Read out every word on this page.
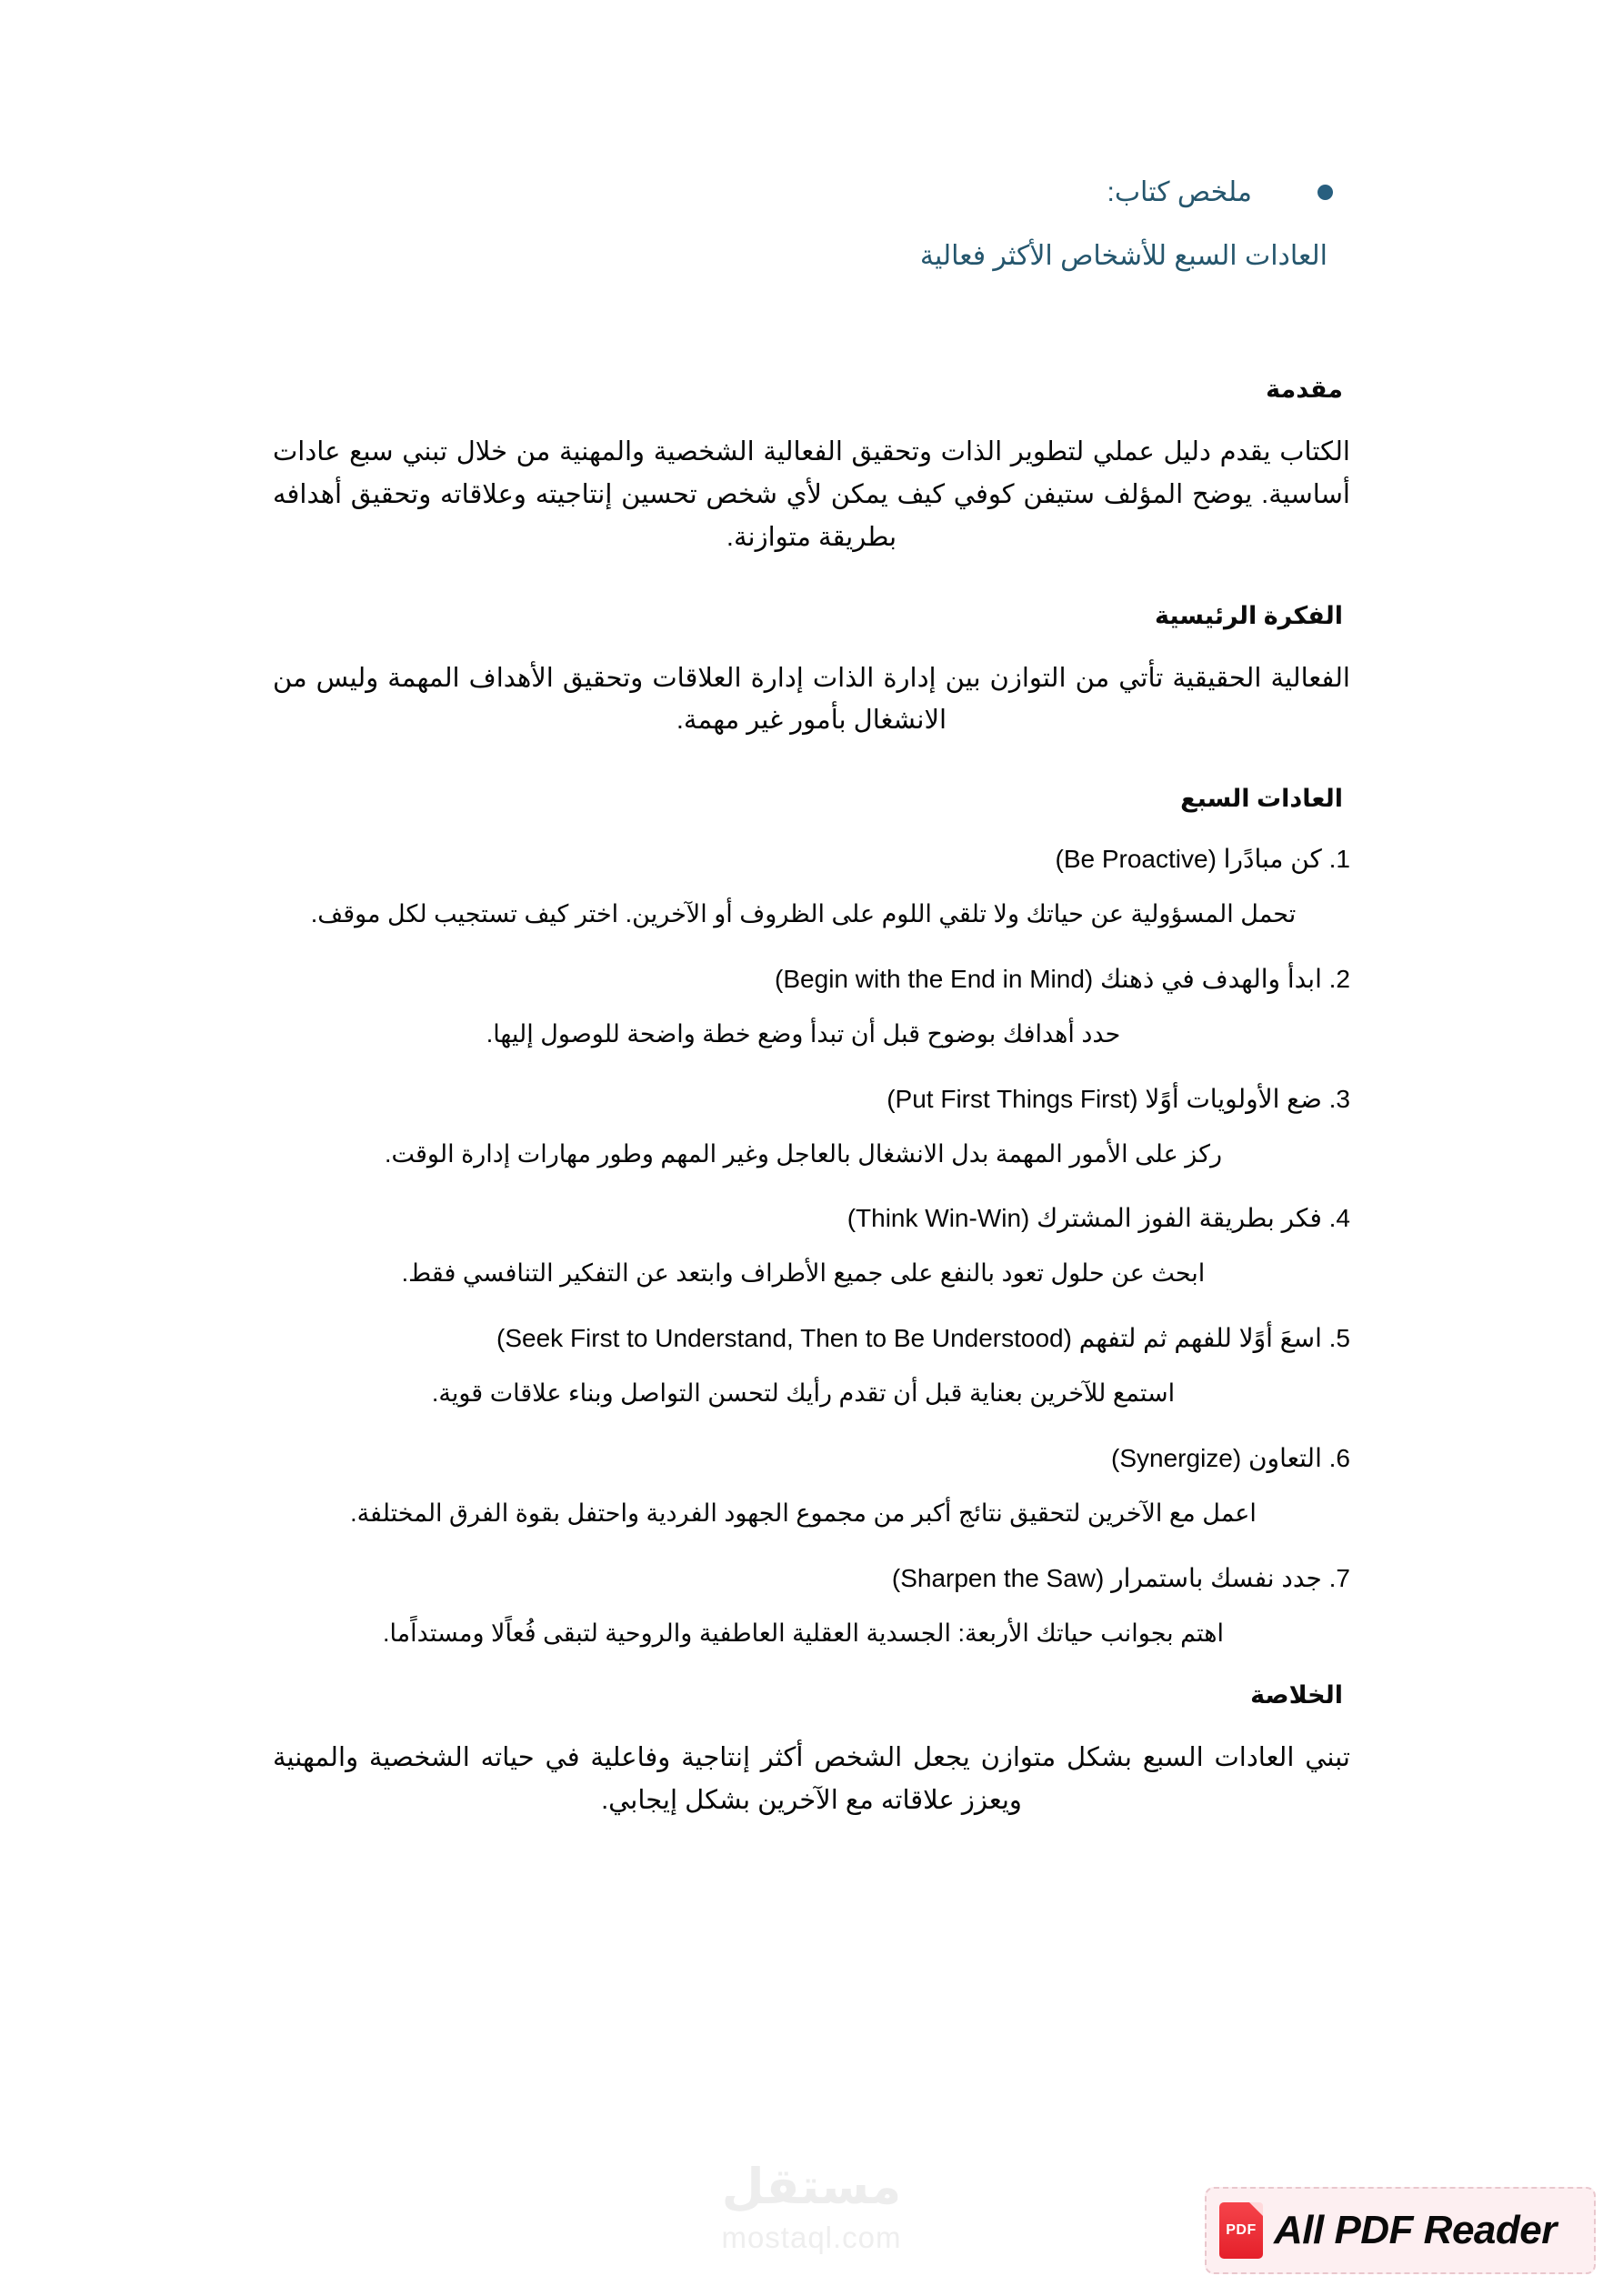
ملخص كتاب:
العادات السبع للأشخاص الأكثر فعالية
مقدمة
الكتاب يقدم دليل عملي لتطوير الذات وتحقيق الفعالية الشخصية والمهنية من خلال تبني سبع عادات أساسية. يوضح المؤلف ستيفن كوفي كيف يمكن لأي شخص تحسين إنتاجيته وعلاقاته وتحقيق أهدافه بطريقة متوازنة.
الفكرة الرئيسية
الفعالية الحقيقية تأتي من التوازن بين إدارة الذات إدارة العلاقات وتحقيق الأهداف المهمة وليس من الانشغال بأمور غير مهمة.
العادات السبع
1. كن مبادًرا (Be Proactive)
تحمل المسؤولية عن حياتك ولا تلقي اللوم على الظروف أو الآخرين. اختر كيف تستجيب لكل موقف.
2. ابدأ والهدف في ذهنك (Begin with the End in Mind)
حدد أهدافك بوضوح قبل أن تبدأ وضع خطة واضحة للوصول إليها.
3. ضع الأولويات أوًلا (Put First Things First)
ركز على الأمور المهمة بدل الانشغال بالعاجل وغير المهم وطور مهارات إدارة الوقت.
4. فكر بطريقة الفوز المشترك (Think Win-Win)
ابحث عن حلول تعود بالنفع على جميع الأطراف وابتعد عن التفكير التنافسي فقط.
5. اسعَ أوًلا للفهم ثم لتفهم (Seek First to Understand, Then to Be Understood)
استمع للآخرين بعناية قبل أن تقدم رأيك لتحسن التواصل وبناء علاقات قوية.
6. التعاون (Synergize)
اعمل مع الآخرين لتحقيق نتائج أكبر من مجموع الجهود الفردية واحتفل بقوة الفرق المختلفة.
7. جدد نفسك باستمرار (Sharpen the Saw)
اهتم بجوانب حياتك الأربعة: الجسدية العقلية العاطفية والروحية لتبقى فُعاًلا ومستداًما.
الخلاصة
تبني العادات السبع بشكل متوازن يجعل الشخص أكثر إنتاجية وفاعلية في حياته الشخصية والمهنية ويعزز علاقاته مع الآخرين بشكل إيجابي.
مستقل
mostaql.com	PDF All PDF Reader
